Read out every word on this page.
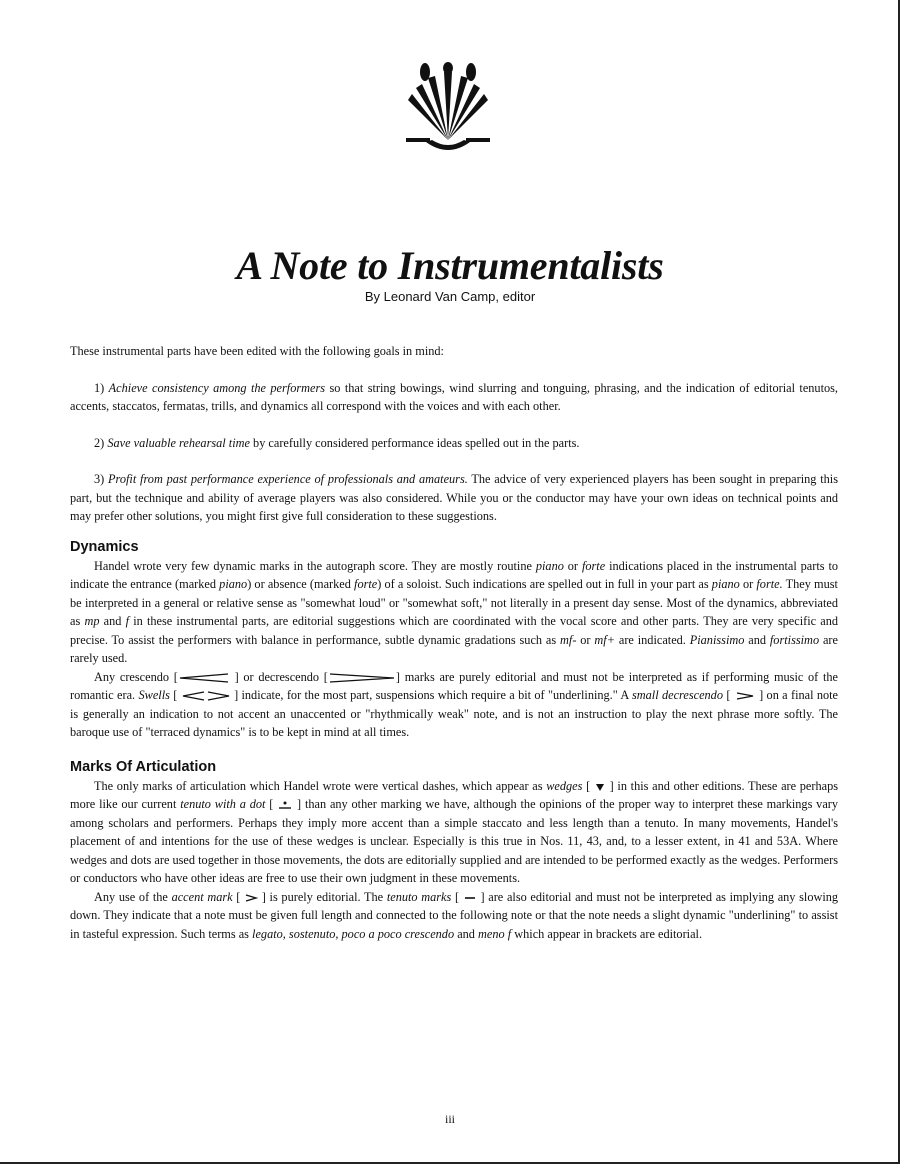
A Note to Instrumentalists

By Leonard Van Camp, editor

These instrumental parts have been edited with the following goals in mind:

1) Achieve consistency among the performers so that string bowings, wind slurring and tonguing, phrasing, and the indication of editorial tenutos, accents, staccatos, fermatas, trills, and dynamics all correspond with the voices and with each other.

2) Save valuable rehearsal time by carefully considered performance ideas spelled out in the parts.

3) Profit from past performance experience of professionals and amateurs. The advice of very experienced players has been sought in preparing this part, but the technique and ability of average players was also considered. While you or the conductor may have your own ideas on technical points and may prefer other solutions, you might first give full consideration to these suggestions.

Dynamics

Handel wrote very few dynamic marks in the autograph score. They are mostly routine piano or forte indications placed in the instrumental parts to indicate the entrance (marked piano) or absence (marked forte) of a soloist. Such indications are spelled out in full in your part as piano or forte. They must be interpreted in a general or relative sense as "somewhat loud" or "somewhat soft," not literally in a present day sense. Most of the dynamics, abbreviated as mp and f in these instrumental parts, are editorial suggestions which are coordinated with the vocal score and other parts. They are very specific and precise. To assist the performers with balance in performance, subtle dynamic gradations such as mf- or mf+ are indicated. Pianissimo and fortissimo are rarely used.

Any crescendo [	] or decrescendo [	] marks are purely editorial and must not be interpreted as if performing music of the romantic era. Swells [	] indicate, for the most part, suspensions which require a bit of "underlining." A small decrescendo [ ] on a final note is generally an indication to not accent an unaccented or "rhythmically weak" note, and is not an instruction to play the next phrase more softly. The baroque use of "terraced dynamics" is to be kept in mind at all times.

Marks Of Articulation

The only marks of articulation which Handel wrote were vertical dashes, which appear as wedges [ ] in this and other editions. These are perhaps more like our current tenuto with a dot [ ] than any other marking we have, although the opinions of the proper way to interpret these markings vary among scholars and performers. Perhaps they imply more accent than a simple staccato and less length than a tenuto. In many movements, Handel's placement of and intentions for the use of these wedges is unclear. Especially is this true in Nos. 11, 43, and, to a lesser extent, in 41 and 53A. Where wedges and dots are used together in those movements, the dots are editorially supplied and are intended to be performed exactly as the wedges. Performers or conductors who have other ideas are free to use their own judgment in these movements.

Any use of the accent mark [ ] is purely editorial. The tenuto marks [ ] are also editorial and must not be interpreted as implying any slowing down. They indicate that a note must be given full length and connected to the following note or that the note needs a slight dynamic "underlining" to assist in tasteful expression. Such terms as legato, sostenuto, poco a poco crescendo and meno f which appear in brackets are editorial.

iii
